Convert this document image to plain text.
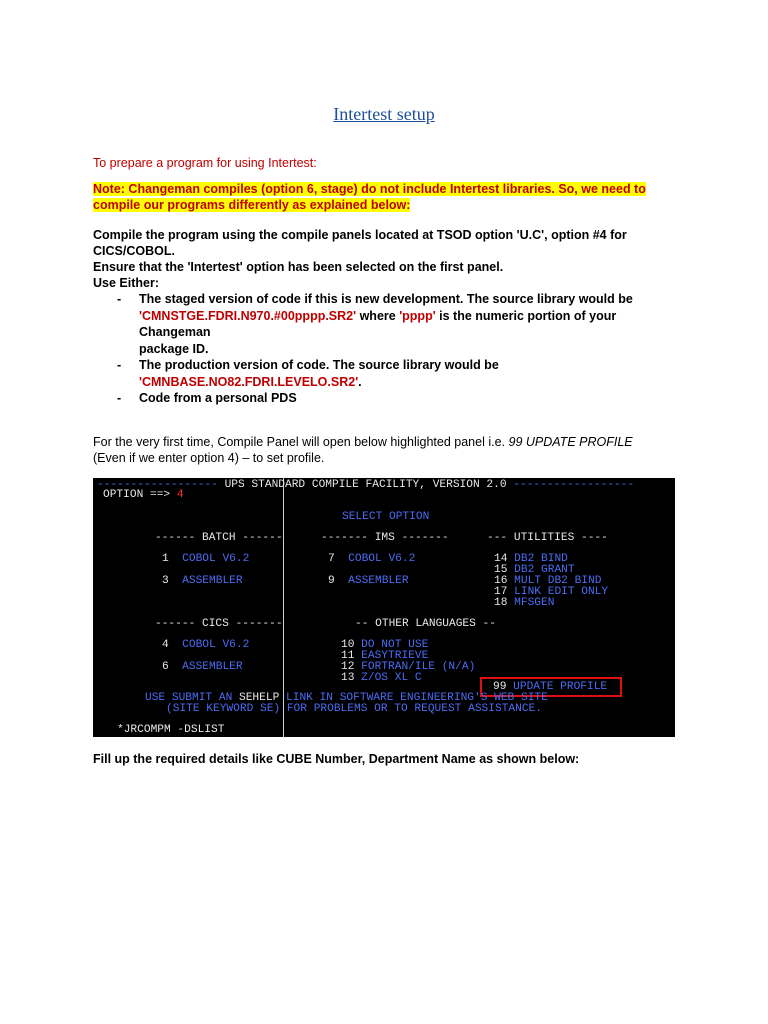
Intertest setup
To prepare a program for using Intertest:
Note: Changeman compiles (option 6, stage) do not include Intertest libraries. So, we need to
compile our programs differently as explained below:
Compile the program using the compile panels located at TSOD option 'U.C', option #4 for
CICS/COBOL.
Ensure that the 'Intertest' option has been selected on the first panel.
Use Either:
-	The staged version of code if this is new development. The source library would be
'CMNSTGE.FDRI.N970.#00pppp.SR2' where 'pppp' is the numeric portion of your Changeman
package ID.
-	The production version of code. The source library would be
'CMNBASE.NO82.FDRI.LEVELO.SR2'.
-	Code from a personal PDS
For the very first time, Compile Panel will open below highlighted panel i.e. 99 UPDATE PROFILE
(Even if we enter option 4) – to set profile.
------------------ UPS STANDARD COMPILE FACILITY, VERSION 2.0 ------------------
OPTION ==> 4
SELECT OPTION
------ BATCH ------	------- IMS -------	--- UTILITIES ----
1 COBOL V6.2	7 COBOL V6.2	14 DB2 BIND
15 DB2 GRANT
3 ASSEMBLER	9 ASSEMBLER	16 MULT DB2 BIND
17 LINK EDIT ONLY
18 MFSGEN
------ CICS -------	-- OTHER LANGUAGES --
4 COBOL V6.2	10 DO NOT USE
11 EASYTRIEVE
6 ASSEMBLER	12 FORTRAN/ILE (N/A)
13 Z/OS XL C
99 UPDATE PROFILE
USE SUBMIT AN SEHELP LINK IN SOFTWARE ENGINEERING'S WEB SITE
(SITE KEYWORD SE) FOR PROBLEMS OR TO REQUEST ASSISTANCE.
*JRCOMPM -DSLIST
Fill up the required details like CUBE Number, Department Name as shown below:
